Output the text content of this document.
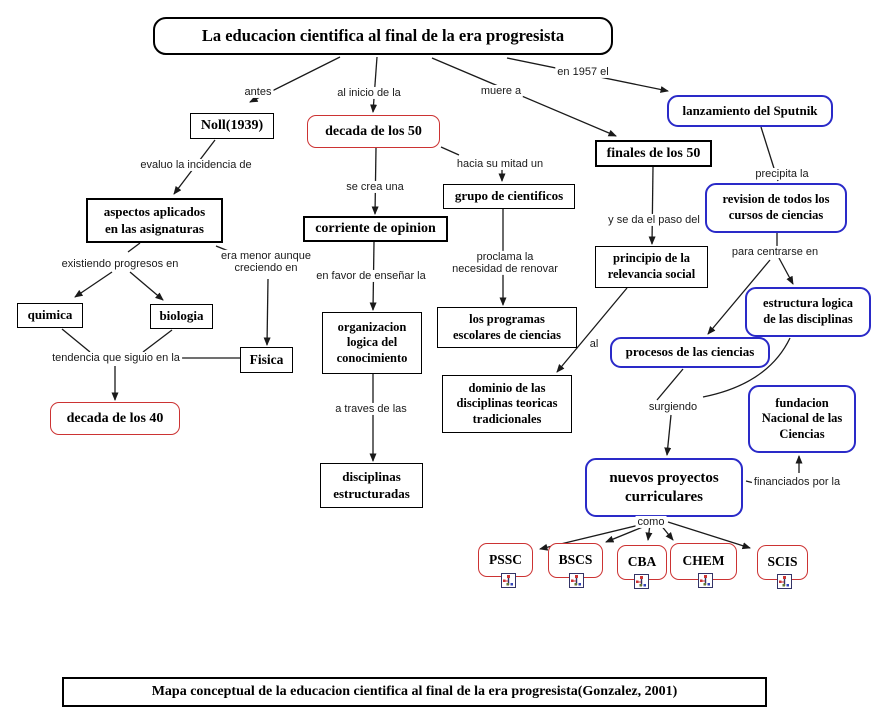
La educacion cientifica al final de la era progresista
Noll(1939)	decada de los 50
grupo de cientificos
finales de los 50
lanzamiento del Sputnik
revision de todos los
cursos de ciencias
aspectos aplicados
en las asignaturas	corriente de opinion
principio de la
relevancia social
estructura logica
de las disciplinas
quimica	biologia
Fisica
organizacion
logica del
conocimiento
los programas
escolares de ciencias
procesos de las ciencias
dominio de las
disciplinas teoricas
tradicionales
decada de los 40
fundacion
Nacional de las
Ciencias
disciplinas
estructuradas
nuevos proyectos
curriculares
PSSC	BSCS	CBA CHEM	SCIS
Mapa conceptual de la educacion cientifica al final de la era progresista(Gonzalez, 2001)
antes	al inicio de la	muere a
en 1957 el
evaluo la incidencia de
se crea una
hacia su mitad un
precipita la
y se da el paso del
para centrarse en
existiendo progresos en
era menor aunque
creciendo en
en favor de enseñar la
proclama la
necesidad de renovar
al
tendencia que siguio en la
a traves de las	surgiendo
financiados por la
como
